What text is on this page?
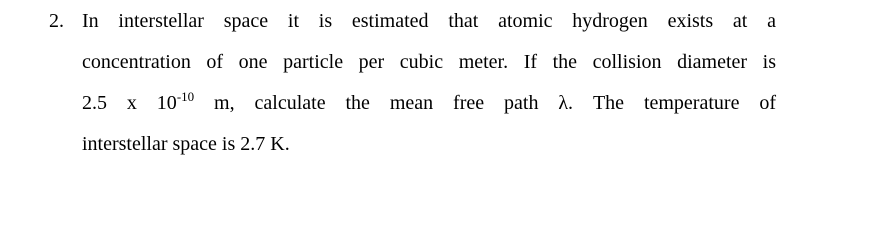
2. In interstellar space it is estimated that atomic hydrogen exists at a
concentration of one particle per cubic meter. If the collision diameter is
2.5 x $10^{-10}$ m, calculate the mean free path λ. The temperature of
interstellar space is 2.7 K.
